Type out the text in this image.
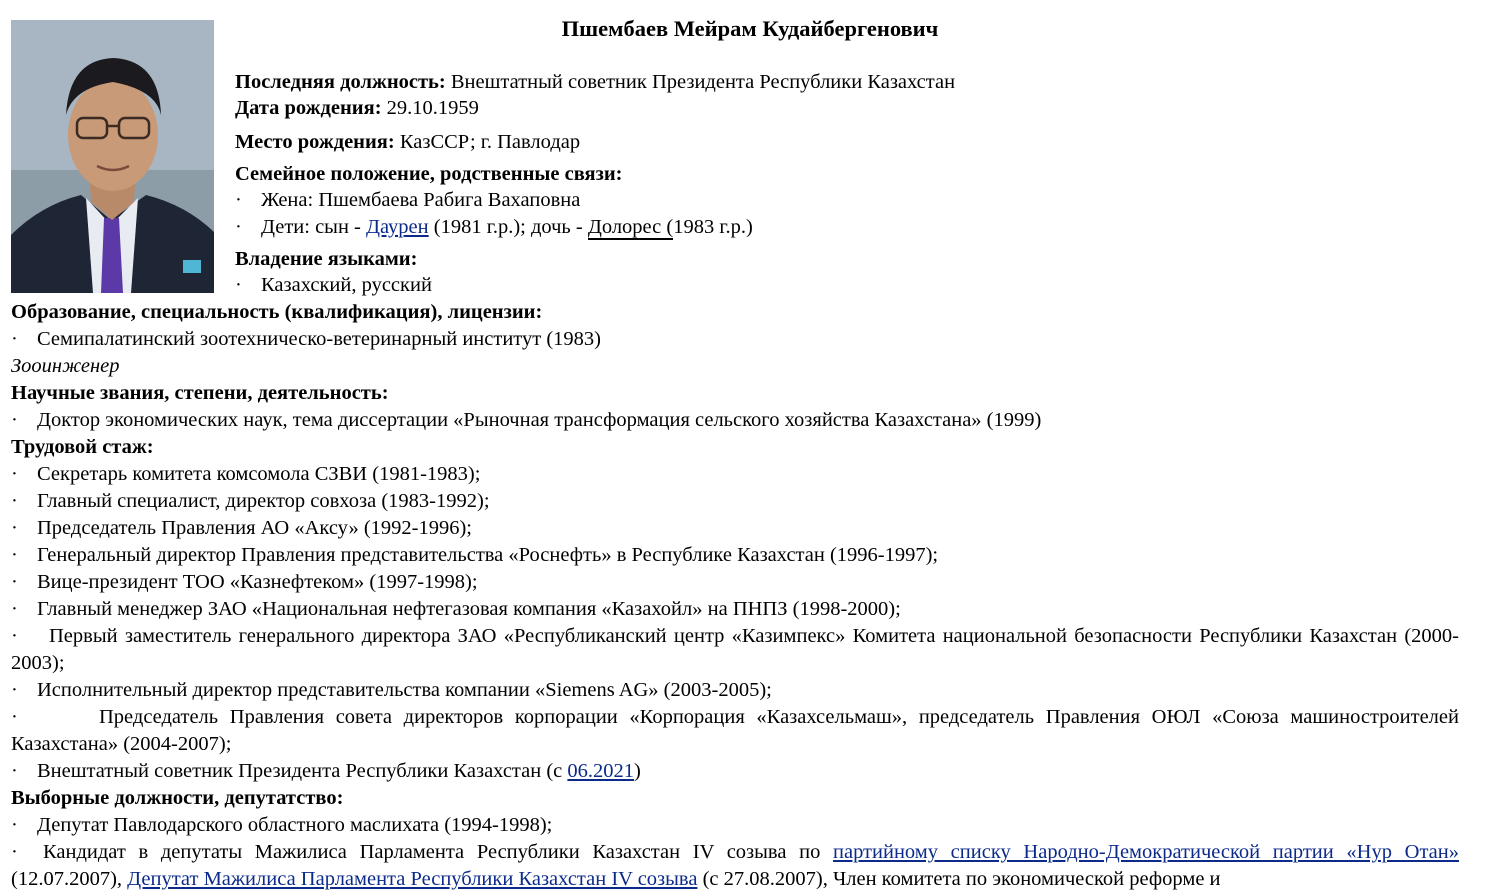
Пшембаев Мейрам Кудайбергенович
Последняя должность: Внештатный советник Президента Республики Казахстан
Дата рождения: 29.10.1959
Место рождения: КазССР; г. Павлодар
Семейное положение, родственные связи:
· Жена: Пшембаева Рабига Вахаповна
· Дети: сын - Даурен (1981 г.р.); дочь - Долорес (1983 г.р.)
Владение языками:
· Казахский, русский
Образование, специальность (квалификация), лицензии:
· Семипалатинский зоотехническо-ветеринарный институт (1983)
Зооинженер
Научные звания, степени, деятельность:
· Доктор экономических наук, тема диссертации «Рыночная трансформация сельского хозяйства Казахстана» (1999)
Трудовой стаж:
· Секретарь комитета комсомола СЗВИ (1981-1983);
· Главный специалист, директор совхоза (1983-1992);
· Председатель Правления АО «Аксу» (1992-1996);
· Генеральный директор Правления представительства «Роснефть» в Республике Казахстан (1996-1997);
· Вице-президент ТОО «Казнефтеком» (1997-1998);
· Главный менеджер ЗАО «Национальная нефтегазовая компания «Казахойл» на ПНПЗ (1998-2000);
· Первый заместитель генерального директора ЗАО «Республиканский центр «Казимпекс» Комитета национальной безопасности Республики Казахстан (2000-2003);
· Исполнительный директор представительства компании «Siemens AG» (2003-2005);
·	Председатель Правления совета директоров корпорации «Корпорация «Казахсельмаш», председатель Правления ОЮЛ «Союза машиностроителей Казахстана» (2004-2007);
· Внештатный советник Президента Республики Казахстан (с 06.2021)
Выборные должности, депутатство:
· Депутат Павлодарского областного маслихата (1994-1998);
· Кандидат в депутаты Мажилиса Парламента Республики Казахстан IV созыва по партийному списку Народно-Демократической партии «Нур Отан» (12.07.2007), Депутат Мажилиса Парламента Республики Казахстан IV созыва (с 27.08.2007), Член комитета по экономической реформе и
